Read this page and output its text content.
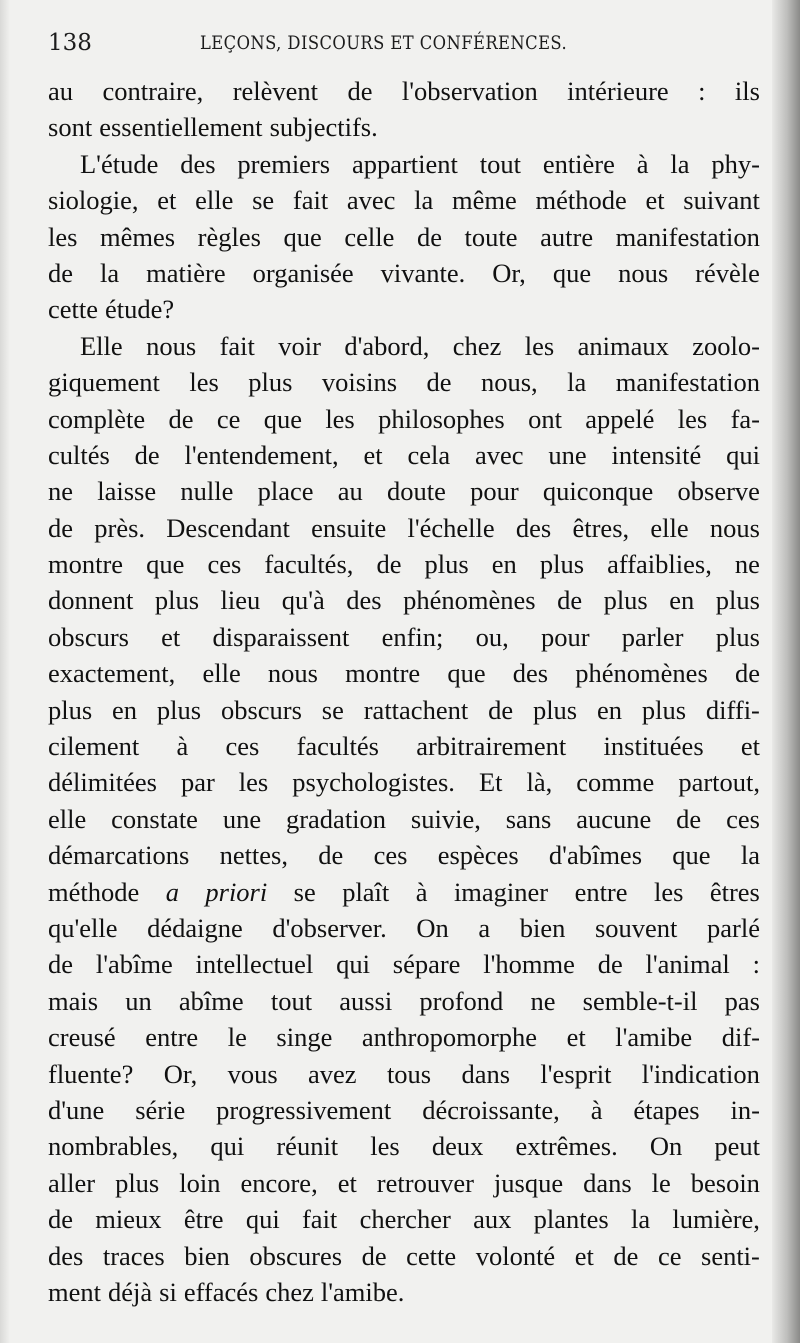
138	LEÇONS, DISCOURS ET CONFÉRENCES.
au contraire, relèvent de l'observation intérieure : ils
sont essentiellement subjectifs.
L'étude des premiers appartient tout entière à la phy-
siologie, et elle se fait avec la même méthode et suivant
les mêmes règles que celle de toute autre manifestation
de la matière organisée vivante. Or, que nous révèle
cette étude?
Elle nous fait voir d'abord, chez les animaux zoolo-
giquement les plus voisins de nous, la manifestation
complète de ce que les philosophes ont appelé les fa-
cultés de l'entendement, et cela avec une intensité qui
ne laisse nulle place au doute pour quiconque observe
de près. Descendant ensuite l'échelle des êtres, elle nous
montre que ces facultés, de plus en plus affaiblies, ne
donnent plus lieu qu'à des phénomènes de plus en plus
obscurs et disparaissent enfin; ou, pour parler plus
exactement, elle nous montre que des phénomènes de
plus en plus obscurs se rattachent de plus en plus diffi-
cilement à ces facultés arbitrairement instituées et
délimitées par les psychologistes. Et là, comme partout,
elle constate une gradation suivie, sans aucune de ces
démarcations nettes, de ces espèces d'abîmes que la
méthode a priori se plaît à imaginer entre les êtres
qu'elle dédaigne d'observer. On a bien souvent parlé
de l'abîme intellectuel qui sépare l'homme de l'animal :
mais un abîme tout aussi profond ne semble-t-il pas
creusé entre le singe anthropomorphe et l'amibe dif-
fluente? Or, vous avez tous dans l'esprit l'indication
d'une série progressivement décroissante, à étapes in-
nombrables, qui réunit les deux extrêmes. On peut
aller plus loin encore, et retrouver jusque dans le besoin
de mieux être qui fait chercher aux plantes la lumière,
des traces bien obscures de cette volonté et de ce senti-
ment déjà si effacés chez l'amibe.
